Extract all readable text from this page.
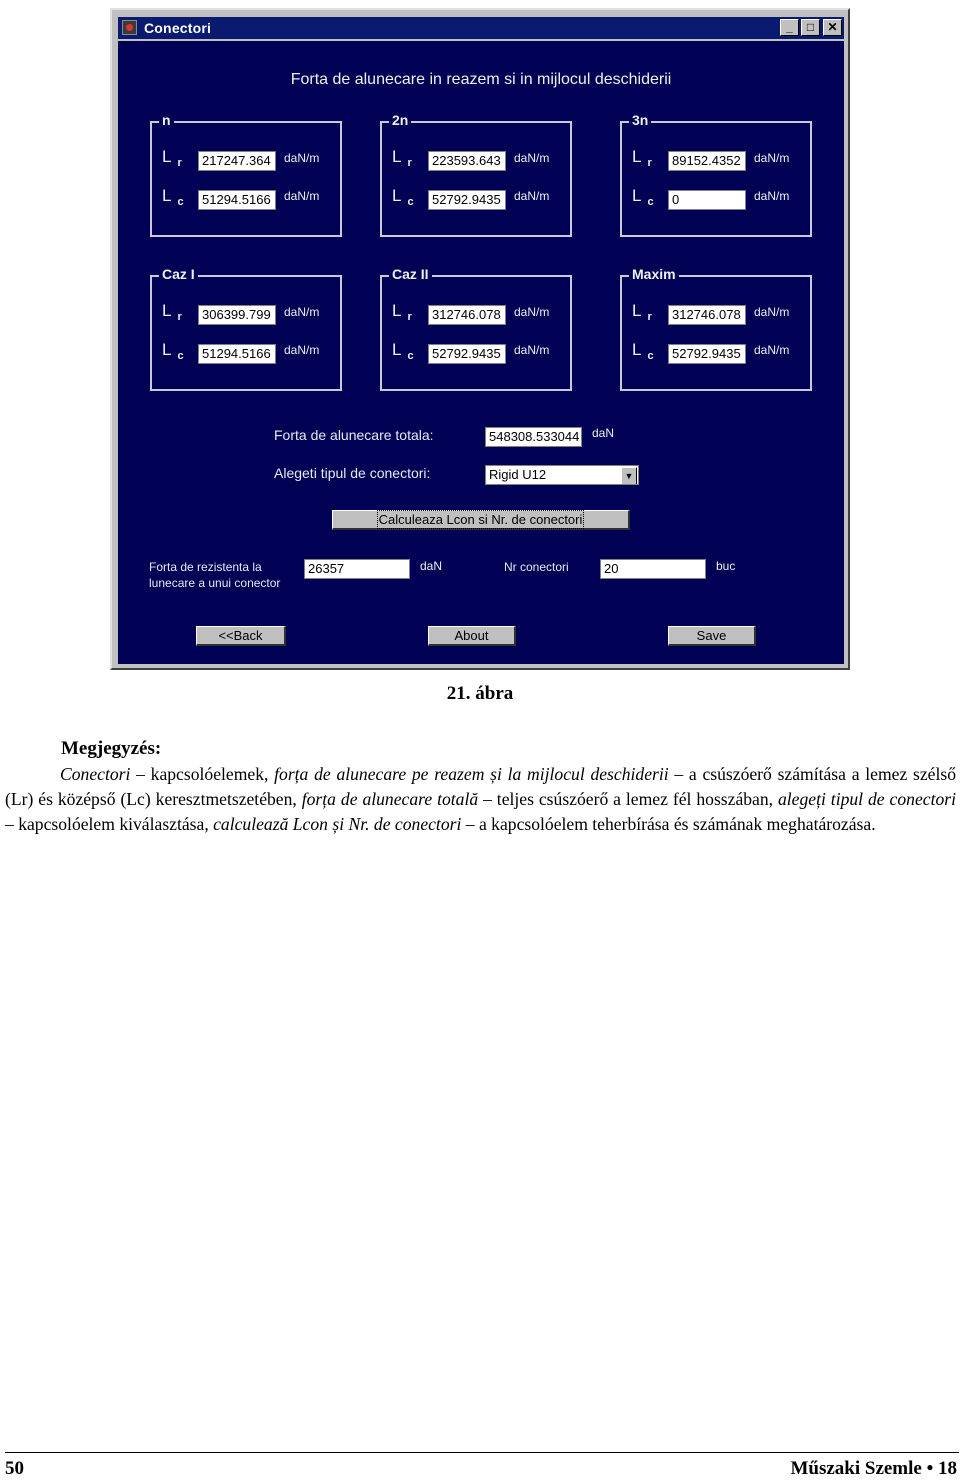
Conectori	_	□	✕
Forta de alunecare in reazem si in mijlocul deschiderii
n
L $_r$	217247.364	daN/m
L $_c$	51294.5166	daN/m
2n
L $_r$	223593.643	daN/m
L $_c$	52792.9435	daN/m
3n
L $_r$	89152.4352	daN/m
L $_c$	0	daN/m
Caz I
L $_r$	306399.799	daN/m
L $_c$	51294.5166	daN/m
Caz II
L $_r$	312746.078	daN/m
L $_c$	52792.9435	daN/m
Maxim
L $_r$	312746.078	daN/m
L $_c$	52792.9435	daN/m
Forta de alunecare totala:	548308.533044 daN
Alegeti tipul de conectori:	Rigid U12	▼
Calculeaza Lcon si Nr. de conectori
Forta de rezistenta la
lunecare a unui conector
26357	daN	Nr conectori	20	buc
<<Back	About	Save
21. ábra
Megjegyzés:
Conectori – kapcsolóelemek, forța de alunecare pe reazem și la mijlocul deschiderii – a csúszóerő számítása a lemez szélső (Lr) és középső (Lc) keresztmetszetében, forța de alunecare totală – teljes csúszóerő a lemez fél hosszában, alegeți tipul de conectori – kapcsolóelem kiválasztása, calculează Lcon și Nr. de conectori – a kapcsolóelem teherbírása és számának meghatározása.
50	Műszaki Szemle • 18
